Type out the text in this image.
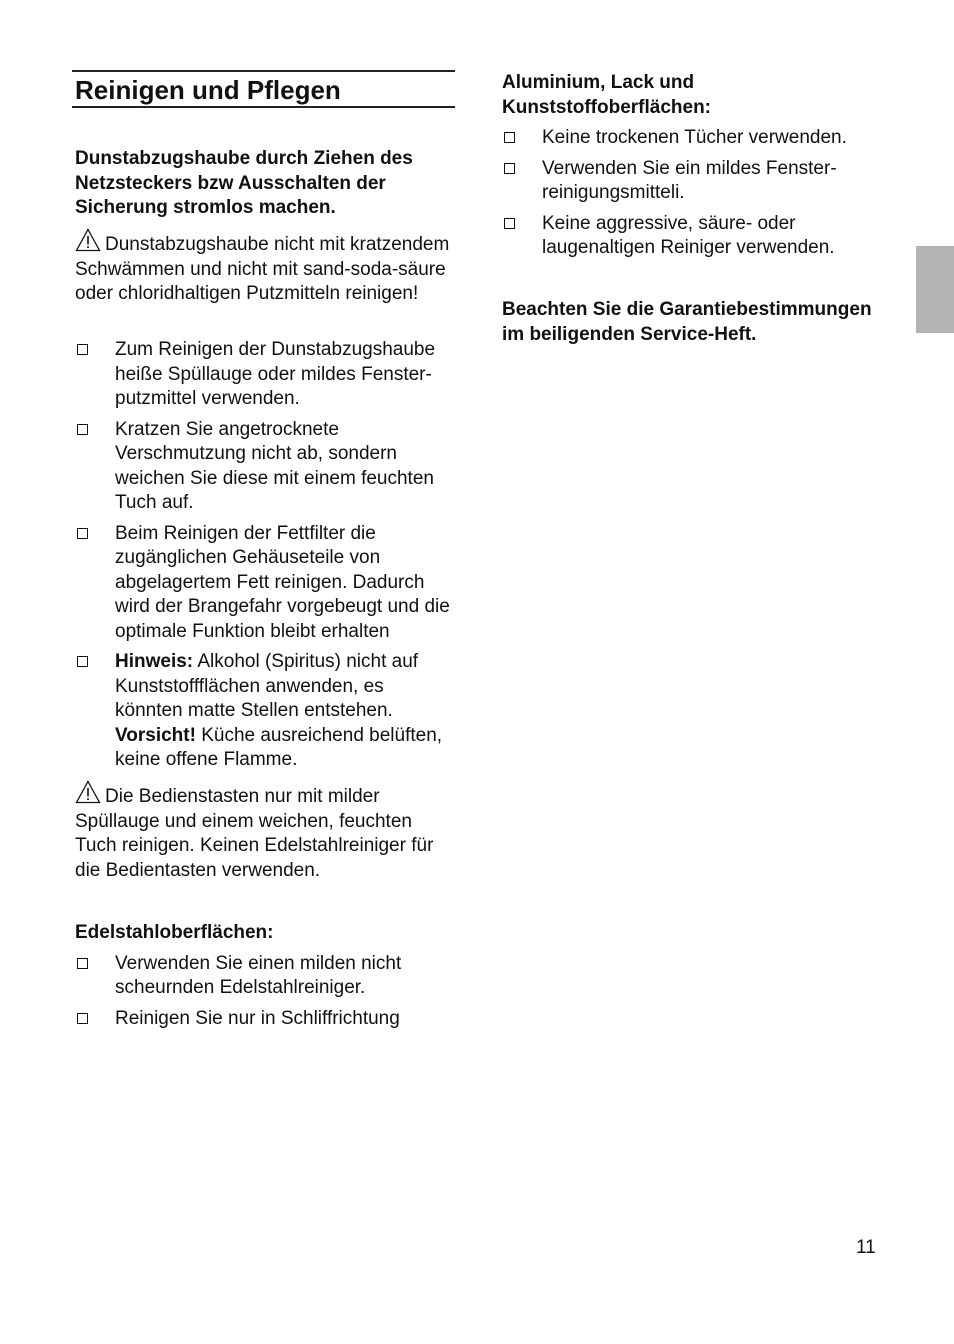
Reinigen und Pflegen

Dunstabzugshaube durch Ziehen des Netzsteckers bzw Ausschalten der Sicherung stromlos machen.

Dunstabzugshaube nicht mit kratzendem Schwämmen und nicht mit sand-soda-säure oder chloridhaltigen Putzmitteln reinigen!

Zum Reinigen der Dunstabzugshaube heiße Spüllauge oder mildes Fenster-putzmittel verwenden.
Kratzen Sie angetrocknete Verschmutzung nicht ab, sondern weichen Sie diese mit einem feuchten Tuch auf.
Beim Reinigen der Fettfilter die zugänglichen Gehäuseteile von abgelagertem Fett reinigen. Dadurch wird der Brangefahr vorgebeugt und die optimale Funktion bleibt erhalten
Hinweis: Alkohol (Spiritus) nicht auf Kunststoffflächen anwenden, es könnten matte Stellen entstehen.
Vorsicht! Küche ausreichend belüften, keine offene Flamme.

Die Bedienstasten nur mit milder Spüllauge und einem weichen, feuchten Tuch reinigen. Keinen Edelstahlreiniger für die Bedientasten verwenden.

Edelstahloberflächen:

Verwenden Sie einen milden nicht scheurnden Edelstahlreiniger.
Reinigen Sie nur in Schliffrichtung

Aluminium, Lack und Kunststoffoberflächen:

Keine trockenen Tücher verwenden.
Verwenden Sie ein mildes Fenster-reinigungsmitteli.
Keine aggressive, säure- oder laugenaltigen Reiniger verwenden.

Beachten Sie die Garantiebestimmungen im beiligenden Service-Heft.

11
